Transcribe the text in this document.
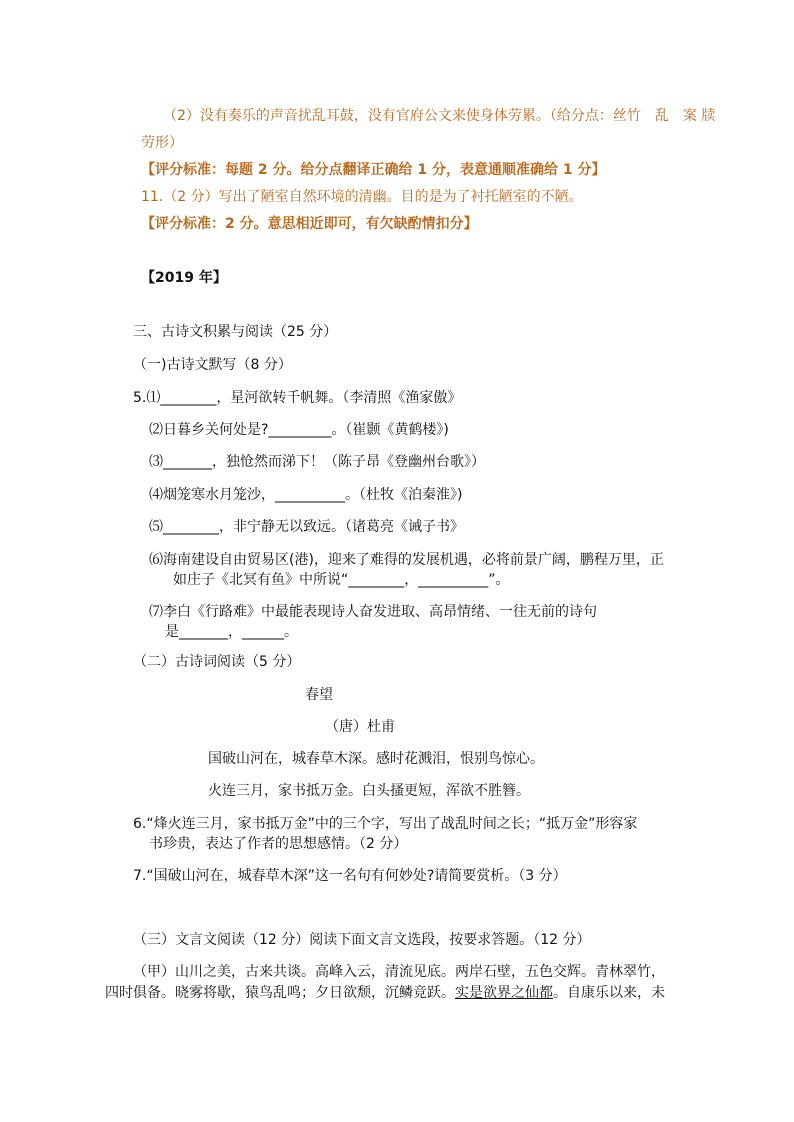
（2）没有奏乐的声音扰乱耳鼓，没有官府公文来使身体劳累。（给分点：丝竹　乱　案 牍
劳形）
【评分标准：每题 2 分。给分点翻译正确给 1 分，表意通顺准确给 1 分】
11.（2 分）写出了陋室自然环境的清幽。目的是为了衬托陋室的不陋。
【评分标准：2 分。意思相近即可，有欠缺酌情扣分】
【2019 年】
三、古诗文积累与阅读（25 分）
（一)古诗文默写（8 分）
5.⑴________，星河欲转千帆舞。（李清照《渔家傲》
⑵日暮乡关何处是?_________。（崔颢《黄鹤楼》)
⑶_______，独怆然而涕下！（陈子昂《登幽州台歌》）
⑷烟笼寒水月笼沙，__________。（杜牧《泊秦淮》)
⑸________，非宁静无以致远。（诸葛亮《诫子书》
⑹海南建设自由贸易区(港)，迎来了难得的发展机遇，必将前景广阔，鹏程万里，正
如庄子《北冥有鱼》中所说“________，__________”。
⑺李白《行路难》中最能表现诗人奋发进取、高昂情绪、一往无前的诗句
是_______，______。
（二）古诗词阅读（5 分）
春望
（唐）杜甫
国破山河在，城春草木深。感时花溅泪，恨别鸟惊心。
火连三月，家书抵万金。白头搔更短，浑欲不胜簪。
6.“烽火连三月，家书抵万金”中的三个字，写出了战乱时间之长；“抵万金”形容家
书珍贵，表达了作者的思想感情。（2 分）
7.“国破山河在，城春草木深”这一名句有何妙处?请简要赏析。（3 分）
（三）文言文阅读（12 分）阅读下面文言文选段，按要求答题。（12 分）
（甲）山川之美，古来共谈。高峰入云，清流见底。两岸石壁，五色交辉。青林翠竹，
四时俱备。晓雾将歇，猿鸟乱鸣；夕日欲颓，沉鳞竞跃。实是欲界之仙都。自康乐以来，未
